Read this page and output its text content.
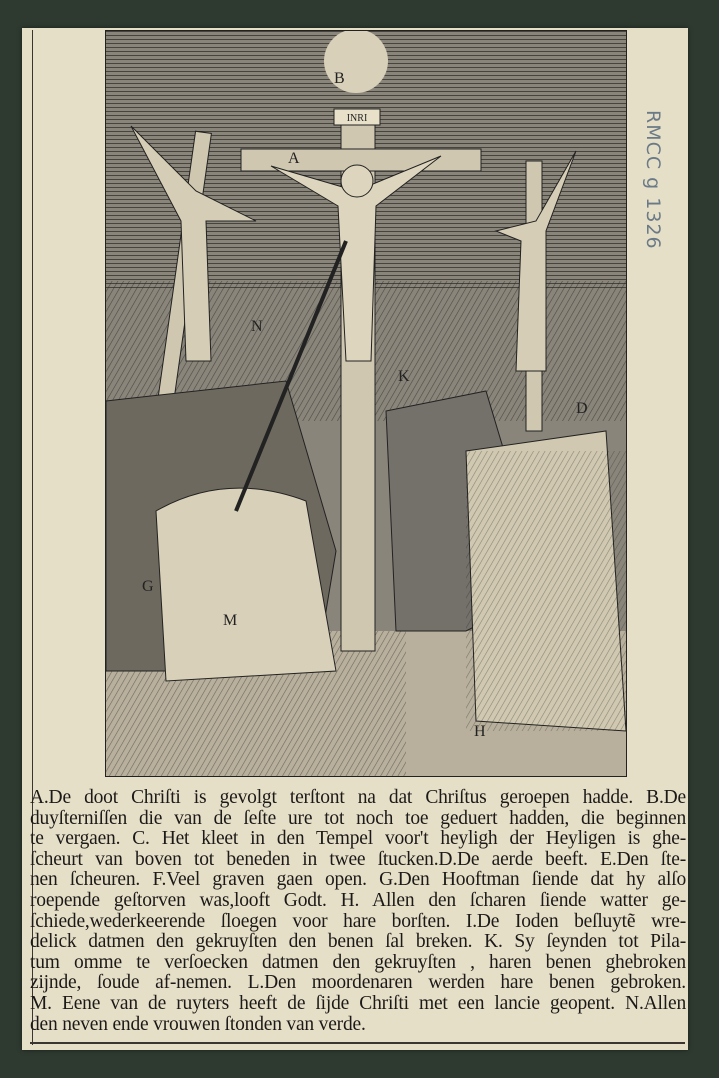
INRI
A
B
D
G
H
M
N
K
RMCC g 1326
A.De doot Chriſti is gevolgt terſtont na dat Chriſtus geroepen hadde. B.De
duyſterniſſen die van de ſeſte ure tot noch toe geduert hadden, die beginnen
te vergaen. C. Het kleet in den Tempel voor't heyligh der Heyligen is ghe-
ſcheurt van boven tot beneden in twee ſtucken.D.De aerde beeft. E.Den ſte-
nen ſcheuren. F.Veel graven gaen open. G.Den Hooftman ſiende dat hy alſo
roepende geſtorven was,looft Godt. H. Allen den ſcharen ſiende watter ge-
ſchiede,wederkeerende ſloegen voor hare borſten. I.De Ioden beſluytẽ wre-
delick datmen den gekruyſten den benen ſal breken. K. Sy ſeynden tot Pila-
tum omme te verſoecken datmen den gekruyſten , haren benen ghebroken
zijnde, ſoude af-nemen. L.Den moordenaren werden hare benen gebroken.
M. Eene van de ruyters heeft de ſijde Chriſti met een lancie geopent. N.Allen
den neven ende vrouwen ſtonden van verde.
